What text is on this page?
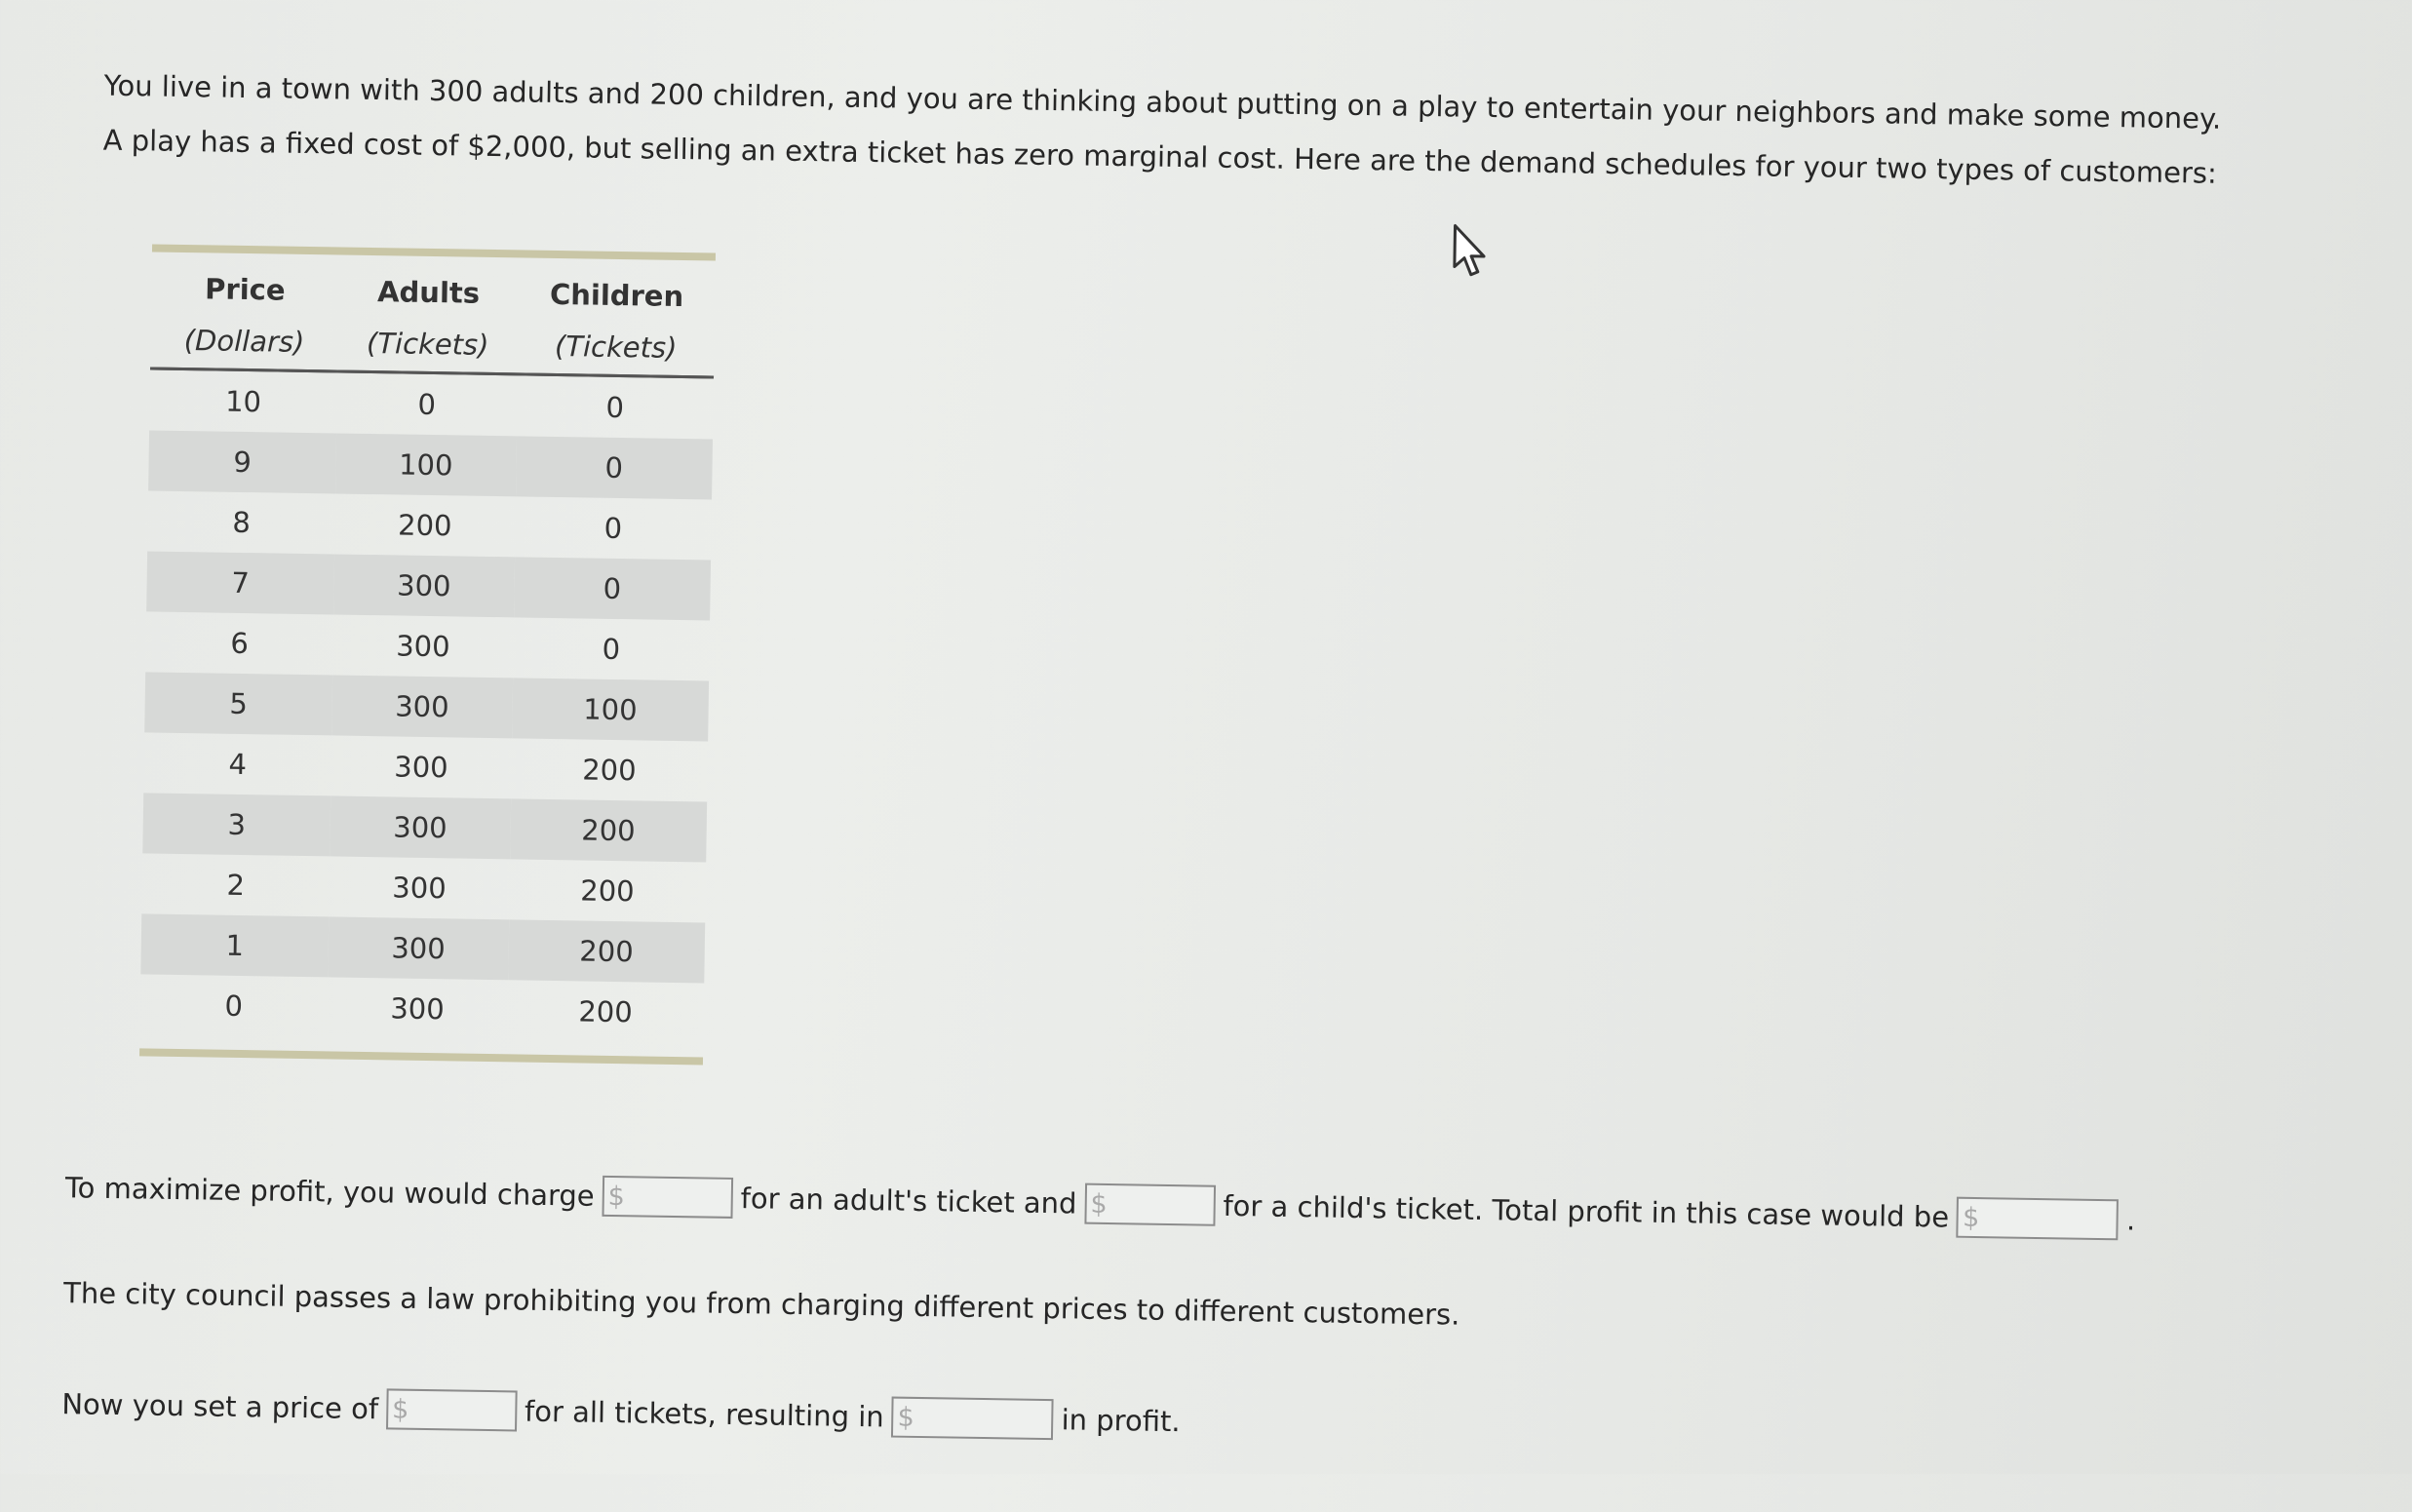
You live in a town with 300 adults and 200 children, and you are thinking about putting on a play to entertain your neighbors and make some money.

A play has a fixed cost of $2,000, but selling an extra ticket has zero marginal cost. Here are the demand schedules for your two types of customers:

Price	Adults	Children
(Dollars)	(Tickets)	(Tickets)
10	0	0
9	100	0
8	200	0
7	300	0
6	300	0
5	300	100
4	300	200
3	300	200
2	300	200
1	300	200
0	300	200
To maximize profit, you would charge $	for an adult's ticket and $	for a child's ticket. Total profit in this case would be $	.
The city council passes a law prohibiting you from charging different prices to different customers.
Now you set a price of $	for all tickets, resulting in $	in profit.
